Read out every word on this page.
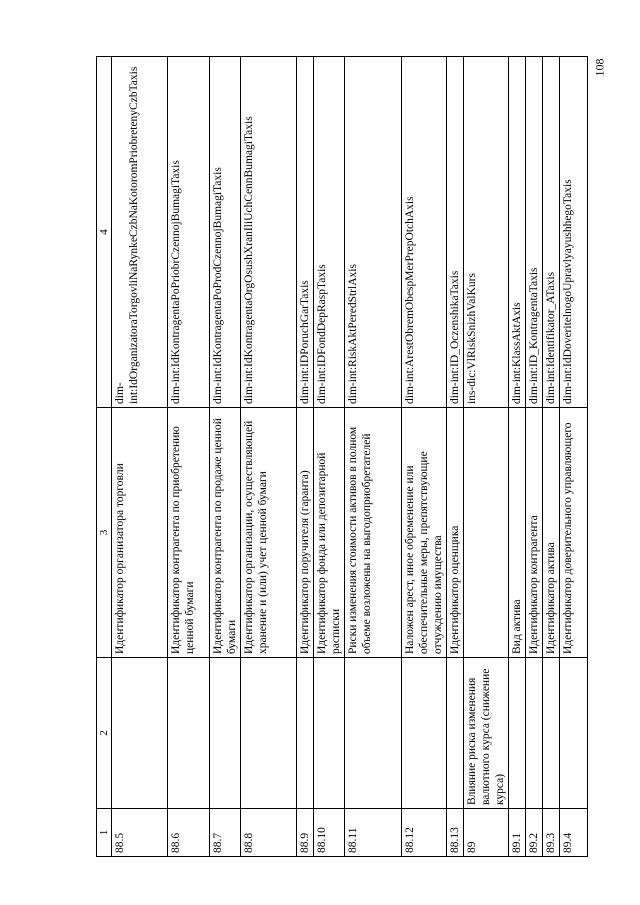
108
1	2	3	4
88.5		Идентификатор организатора торговли	dim-int:IdOrganizatoraTorgovliNaRynkeCzbNaKotoromPriobretenyCzbTaxis
88.6		Идентификатор контрагента по приобретению ценной бумаги	dim-int:IdKontragentaPoPriobrCzennojBumagiTaxis
88.7		Идентификатор контрагента по продаже ценной бумаги	dim-int:IdKontragentaPoProdCzennojBumagiTaxis
88.8		Идентификатор организации, осуществляющей хранение и (или) учет ценной бумаги	dim-int:IdKontragentaOrgOsushXranIliUchCennBumagiTaxis
88.9		Идентификатор поручителя (гаранта)	dim-int:IDPoruchGarTaxis
88.10		Идентификатор фонда или депозитарной расписки	dim-int:IDFondDepRaspTaxis
88.11		Риски изменения стоимости активов в полном объеме возложены на выгодоприобретателей	dim-int:RiskAktPeredStrlAxis
88.12		Наложен арест, иное обременение или обеспечительные меры, препятствующие отчуждению имущества	dim-int:ArestObremObespMerPrepOtchAxis
88.13		Идентификатор оценщика	dim-int:ID_OczenshikaTaxis
89	Влияние риска изменения валютного курса (снижение курса)		ins-dic:VlRiskSnizhValKurs
89.1		Вид актива	dim-int:KlassAktAxis
89.2		Идентификатор контрагента	dim-int:ID_KontragentaTaxis
89.3		Идентификатор актива	dim-int:Identifikator_ATaxis
89.4		Идентификатор доверительного управляющего	dim-int:IdDoveritelnogoUpravlyayushhegoTaxis
